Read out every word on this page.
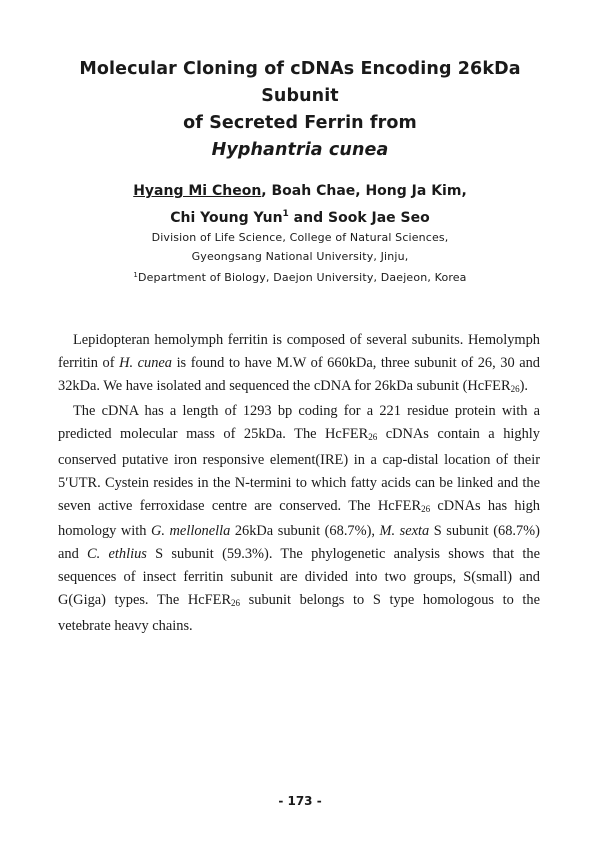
Molecular Cloning of cDNAs Encoding 26kDa Subunit
of Secreted Ferrin from
Hyphantria cunea
Hyang Mi Cheon, Boah Chae, Hong Ja Kim,
Chi Young Yun$^1$ and Sook Jae Seo
Division of Life Science, College of Natural Sciences,
Gyeongsang National University, Jinju,
$^1$Department of Biology, Daejon University, Daejeon, Korea

Lepidopteran hemolymph ferritin is composed of several subunits. Hemolymph ferritin of H. cunea is found to have M.W of 660kDa, three subunit of 26, 30 and 32kDa. We have isolated and sequenced the cDNA for 26kDa subunit (HcFER$_{26}$).

The cDNA has a length of 1293 bp coding for a 221 residue protein with a predicted molecular mass of 25kDa. The HcFER$_{26}$ cDNAs contain a highly conserved putative iron responsive element(IRE) in a cap-distal location of their 5′UTR. Cystein resides in the N-termini to which fatty acids can be linked and the seven active ferroxidase centre are conserved. The HcFER$_{26}$ cDNAs has high homology with G. mellonella 26kDa subunit (68.7%), M. sexta S subunit (68.7%) and C. ethlius S subunit (59.3%). The phylogenetic analysis shows that the sequences of insect ferritin subunit are divided into two groups, S(small) and G(Giga) types. The HcFER$_{26}$ subunit belongs to S type homologous to the vetebrate heavy chains.

- 173 -
